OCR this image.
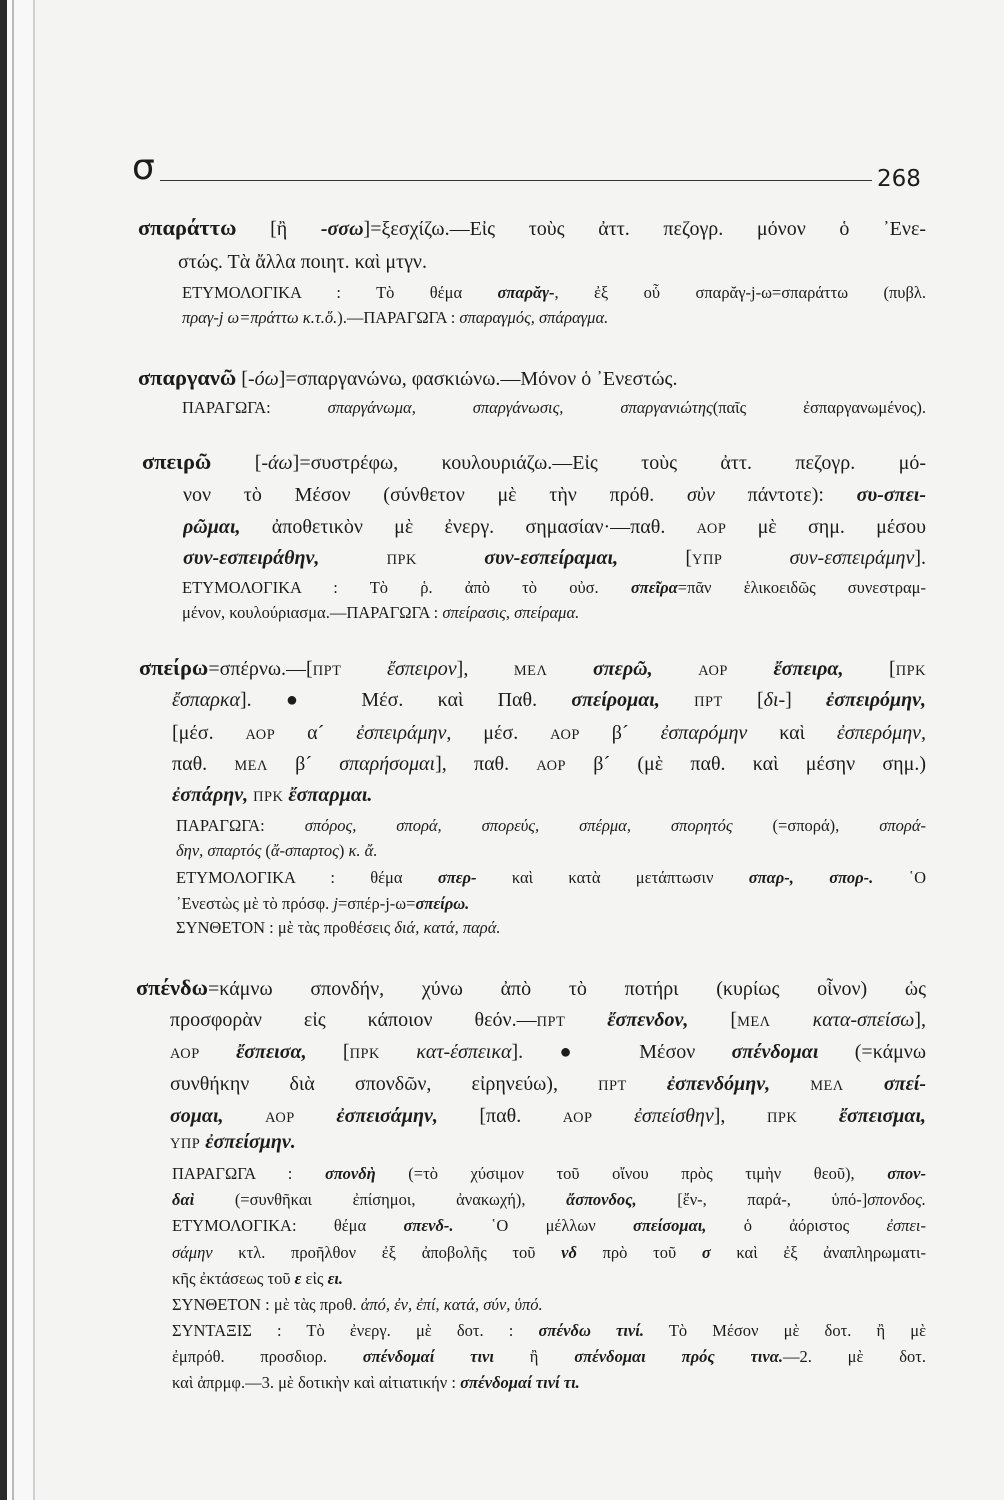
σ	268
σπαράττω [ἢ -σσω]=ξεσχίζω.—Εἰς τοὺς ἀττ. πεζογρ. μόνον ὁ ᾽Ενε-
στώς. Τὰ ἄλλα ποιητ. καὶ μτγν.
ΕΤΥΜΟΛΟΓΙΚΑ : Τὸ θέμα σπαρᾰγ-, ἐξ οὗ σπαρᾰγ-j-ω=σπαράττω (πυβλ.
πραγ-j ω=πράττω κ.τ.ὅ.).—ΠΑΡΑΓΩΓΑ : σπαραγμός, σπάραγμα.
σπαργανῶ [-όω]=σπαργανώνω, φασκιώνω.—Μόνον ὁ ᾽Ενεστώς.
ΠΑΡΑΓΩΓΑ: σπαργάνωμα, σπαργάνωσις, σπαργανιώτης(παῖς ἐσπαργανωμένος).
σπειρῶ [-άω]=συστρέφω, κουλουριάζω.—Εἰς τοὺς ἀττ. πεζογρ. μό-
νον τὸ Μέσον (σύνθετον μὲ τὴν πρόθ. σὺν πάντοτε): συ-σπει-
ρῶμαι, ἀποθετικὸν μὲ ἐνεργ. σημασίαν·—παθ. ΑΟΡ μὲ σημ. μέσου
συν-εσπειράθην,	ΠΡΚ	συν-εσπείραμαι, [ΥΠΡ	συν-εσπειράμην].
ΕΤΥΜΟΛΟΓΙΚΑ : Τὸ ῥ. ἀπὸ τὸ οὐσ. σπεῖρα=πᾶν ἑλικοειδῶς συνεστραμ-
μένον, κουλούριασμα.—ΠΑΡΑΓΩΓΑ : σπείρασις, σπείραμα.
σπείρω=σπέρνω.—[ΠΡΤ ἔσπειρον], ΜΕΛ σπερῶ,	ΑΟΡ ἔσπειρα, [ΠΡΚ
ἔσπαρκα]. ● Μέσ. καὶ Παθ. σπείρομαι, ΠΡΤ [δι-] ἐσπειρόμην,
[μέσ. ΑΟΡ α´ ἐσπειράμην, μέσ. ΑΟΡ β´ ἐσπαρόμην καὶ ἐσπερόμην,
παθ. ΜΕΛ β´ σπαρήσομαι], παθ. ΑΟΡ β´ (μὲ παθ. καὶ μέσην σημ.)
ἐσπάρην, ΠΡΚ ἔσπαρμαι.
ΠΑΡΑΓΩΓΑ: σπόρος, σπορά, σπορεύς, σπέρμα, σπορητός (=σπορά), σπορά-
δην, σπαρτός (ἄ-σπαρτος) κ. ἄ.
ΕΤΥΜΟΛΟΓΙΚΑ : θέμα σπερ- καὶ κατὰ μετάπτωσιν σπαρ-, σπορ-. ῾Ο
᾽Ενεστὼς μὲ τὸ πρόσφ. j=σπέρ-j-ω=σπείρω.
ΣΥΝΘΕΤΟΝ : μὲ τὰς προθέσεις διά, κατά, παρά.
σπένδω=κάμνω σπονδήν, χύνω ἀπὸ τὸ ποτήρι (κυρίως οἶνον) ὡς
προσφορὰν εἰς κάποιον θεόν.—ΠΡΤ ἔσπενδον, [ΜΕΛ κατα-σπείσω],
ΑΟΡ ἔσπεισα, [ΠΡΚ κατ-έσπεικα]. ● Μέσον σπένδομαι (=κάμνω
συνθήκην διὰ σπονδῶν, εἰρηνεύω), ΠΡΤ ἐσπενδόμην,	ΜΕΛ σπεί-
σομαι,	ΑΟΡ ἐσπεισάμην, [παθ. ΑΟΡ ἐσπείσθην], ΠΡΚ ἔσπεισμαι,
ΥΠΡ ἐσπείσμην.
ΠΑΡΑΓΩΓΑ : σπονδὴ (=τὸ χύσιμον τοῦ οἴνου πρὸς τιμὴν θεοῦ), σπον-
δαὶ (=συνθῆκαι ἐπίσημοι, ἀνακωχή), ἄσπονδος, [ἔν-, παρά-, ὑπό-]σπονδος.
ΕΤΥΜΟΛΟΓΙΚΑ: θέμα σπενδ-. ῾Ο μέλλων σπείσομαι, ὁ ἀόριστος ἐσπει-
σάμην κτλ. προῆλθον ἐξ ἀποβολῆς τοῦ νδ πρὸ τοῦ σ καὶ ἐξ ἀναπληρωματι-
κῆς ἐκτάσεως τοῦ ε εἰς ει.
ΣΥΝΘΕΤΟΝ : μὲ τὰς προθ. ἀπό, ἐν, ἐπί, κατά, σύν, ὑπό.
ΣΥΝΤΑΞΙΣ : Τὸ ἐνεργ. μὲ δοτ. : σπένδω τινί. Τὸ Μέσον μὲ δοτ. ἢ μὲ
ἐμπρόθ. προσδιορ. σπένδομαί τινι ἢ σπένδομαι πρός τινα.—2. μὲ δοτ.
καὶ ἀπρμφ.—3. μὲ δοτικὴν καὶ αἰτιατικήν : σπένδομαί τινί τι.
